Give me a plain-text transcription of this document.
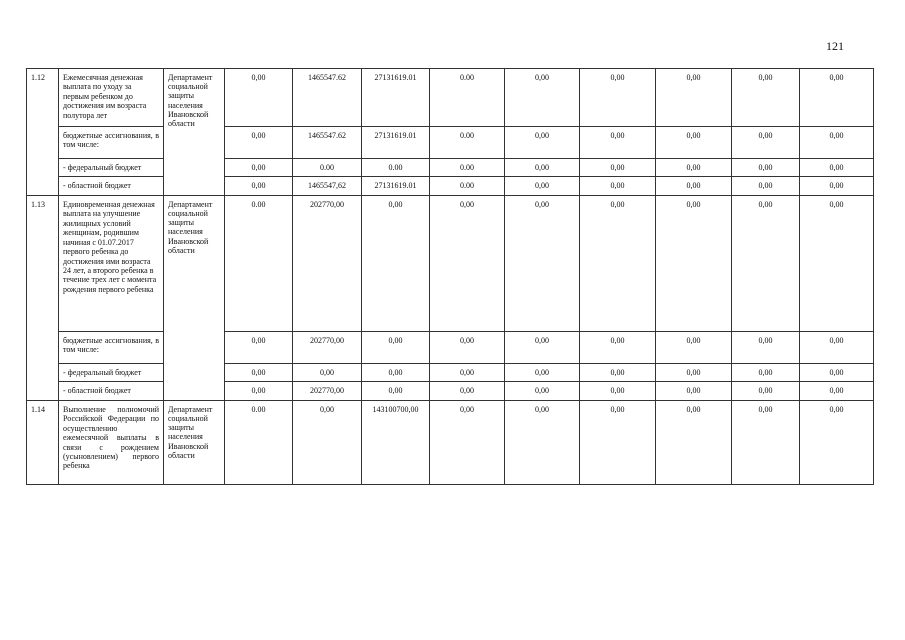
121
1.12	Ежемесячная денежная выплата по уходу за первым ребенком до достижения им возраста полутора лет	Департамент социальной защиты населения Ивановской области	0,00	1465547.62	27131619.01	0.00	0,00	0,00	0,00	0,00	0,00
	бюджетные ассигнования, в том числе:		0,00	1465547.62	27131619.01	0.00	0,00	0,00	0,00	0,00	0,00
	- федеральный бюджет		0,00	0.00	0.00	0.00	0,00	0,00	0,00	0,00	0,00
	- областной бюджет		0,00	1465547,62	27131619.01	0.00	0,00	0,00	0,00	0,00	0,00
1.13	Единовременная денежная выплата на улучшение жилищных условий женщинам, родившим начиная с 01.07.2017 первого ребенка до достижения ими возраста 24 лет, а второго ребенка в течение трех лет с момента рождения первого ребенка	Департамент социальной защиты населения Ивановской области	0.00	202770,00	0,00	0,00	0,00	0,00	0,00	0,00	0,00
	бюджетные ассигнования, в том числе:		0,00	202770,00	0,00	0,00	0,00	0,00	0,00	0,00	0,00
	- федеральный бюджет		0,00	0,00	0,00	0,00	0,00	0,00	0,00	0,00	0,00
	- областной бюджет		0,00	202770,00	0,00	0,00	0,00	0,00	0,00	0,00	0,00
1.14	Выполнение полномочий Российской Федерации по осуществлению ежемесячной выплаты в связи с рождением (усыновлением) первого ребенка	Департамент социальной защиты населения Ивановской области	0.00	0,00	143100700,00	0,00	0,00	0,00	0,00	0,00	0,00
